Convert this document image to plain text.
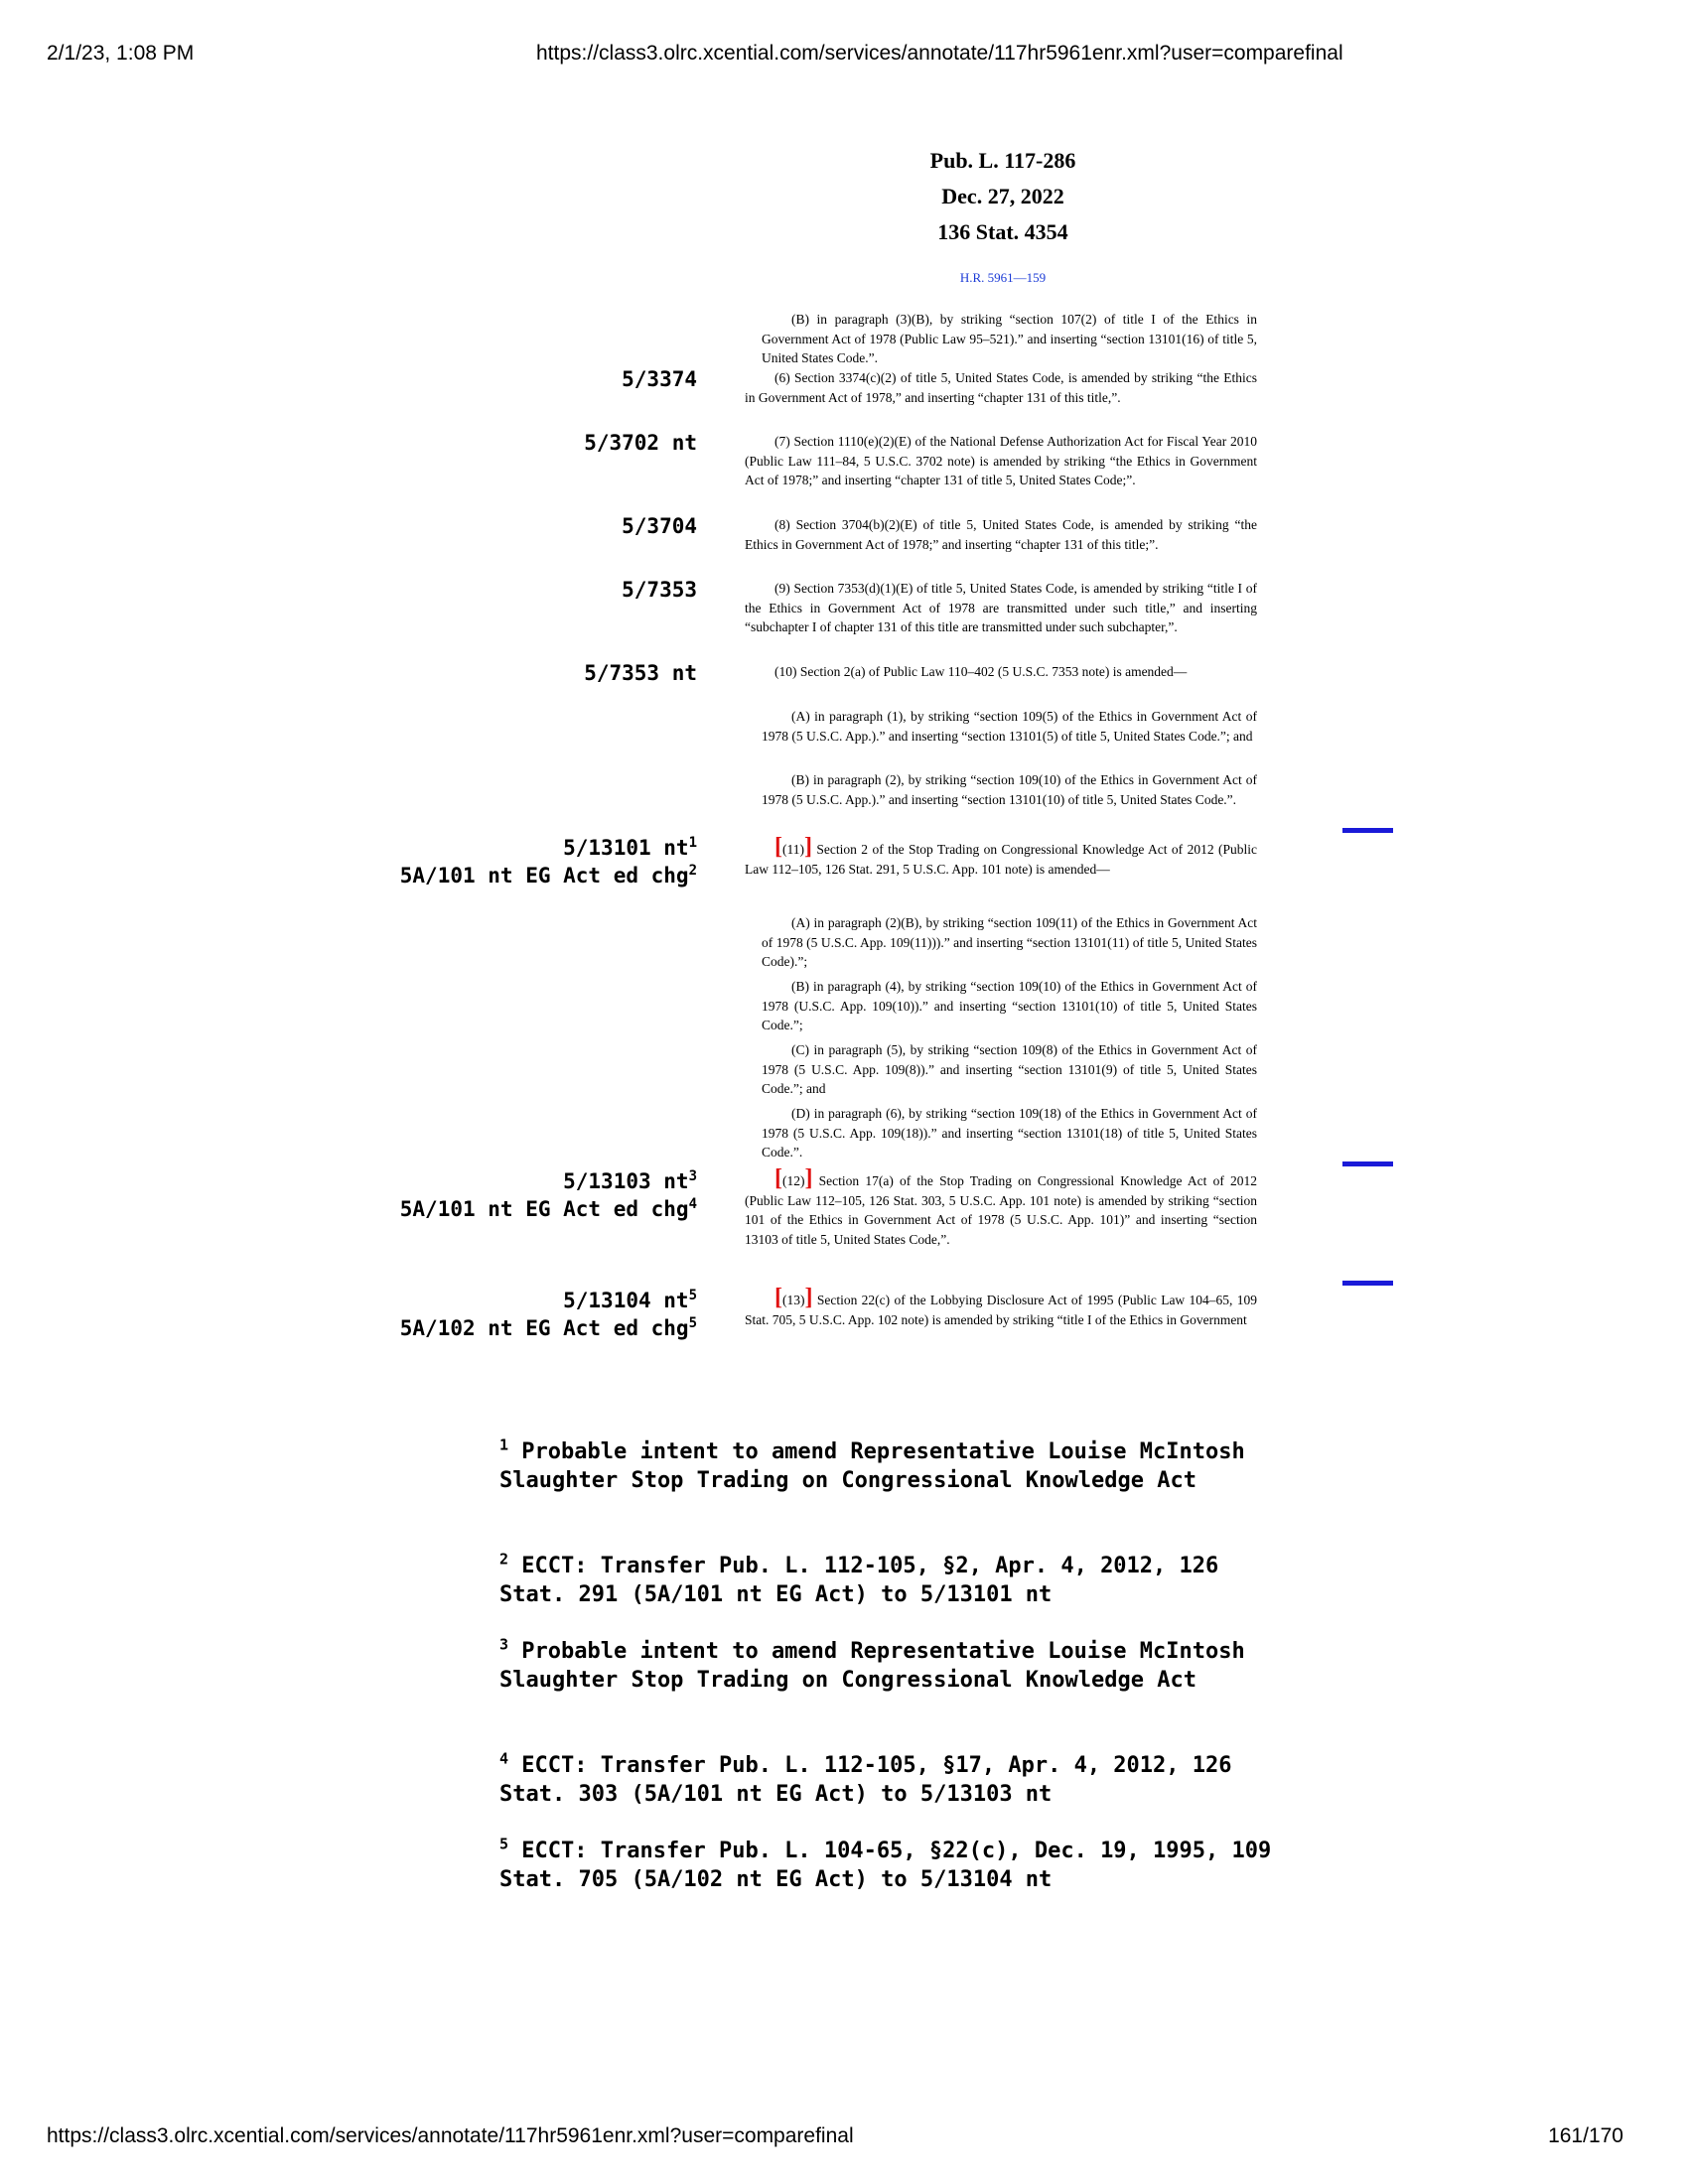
2/1/23, 1:08 PM	https://class3.olrc.xcential.com/services/annotate/117hr5961enr.xml?user=comparefinal
https://class3.olrc.xcential.com/services/annotate/117hr5961enr.xml?user=comparefinal	161/170
Pub. L. 117-286
Dec. 27, 2022
136 Stat. 4354
H.R. 5961—159
5/3374
5/3702 nt
5/3704
5/7353
5/7353 nt
5/13101 $nt^1$
5A/101 nt EG Act ed chg$^2$
5/13103 $nt^3$
5A/101 nt EG Act ed chg$^4$
5/13104 $nt^5$
5A/102 nt EG Act ed chg$^5$
(B) in paragraph (3)(B), by striking “section 107(2) of title I of the Ethics in Government Act of 1978 (Public Law 95–521).” and inserting “section 13101(16) of title 5, United States Code.”.
(6) Section 3374(c)(2) of title 5, United States Code, is amended by striking “the Ethics in Government Act of 1978,” and inserting “chapter 131 of this title,”.
(7) Section 1110(e)(2)(E) of the National Defense Authorization Act for Fiscal Year 2010 (Public Law 111–84, 5 U.S.C. 3702 note) is amended by striking “the Ethics in Government Act of 1978;” and inserting “chapter 131 of title 5, United States Code;”.
(8) Section 3704(b)(2)(E) of title 5, United States Code, is amended by striking “the Ethics in Government Act of 1978;” and inserting “chapter 131 of this title;”.
(9) Section 7353(d)(1)(E) of title 5, United States Code, is amended by striking “title I of the Ethics in Government Act of 1978 are transmitted under such title,” and inserting “subchapter I of chapter 131 of this title are transmitted under such subchapter,”.
(10) Section 2(a) of Public Law 110–402 (5 U.S.C. 7353 note) is amended—
(A) in paragraph (1), by striking “section 109(5) of the Ethics in Government Act of 1978 (5 U.S.C. App.).” and inserting “section 13101(5) of title 5, United States Code.”; and
(B) in paragraph (2), by striking “section 109(10) of the Ethics in Government Act of 1978 (5 U.S.C. App.).” and inserting “section 13101(10) of title 5, United States Code.”.
[(11)] Section 2 of the Stop Trading on Congressional Knowledge Act of 2012 (Public Law 112–105, 126 Stat. 291, 5 U.S.C. App. 101 note) is amended—
(A) in paragraph (2)(B), by striking “section 109(11) of the Ethics in Government Act of 1978 (5 U.S.C. App. 109(11))).” and inserting “section 13101(11) of title 5, United States Code).”;
(B) in paragraph (4), by striking “section 109(10) of the Ethics in Government Act of 1978 (U.S.C. App. 109(10)).” and inserting “section 13101(10) of title 5, United States Code.”;
(C) in paragraph (5), by striking “section 109(8) of the Ethics in Government Act of 1978 (5 U.S.C. App. 109(8)).” and inserting “section 13101(9) of title 5, United States Code.”; and
(D) in paragraph (6), by striking “section 109(18) of the Ethics in Government Act of 1978 (5 U.S.C. App. 109(18)).” and inserting “section 13101(18) of title 5, United States Code.”.
[(12)] Section 17(a) of the Stop Trading on Congressional Knowledge Act of 2012 (Public Law 112–105, 126 Stat. 303, 5 U.S.C. App. 101 note) is amended by striking “section 101 of the Ethics in Government Act of 1978 (5 U.S.C. App. 101)” and inserting “section 13103 of title 5, United States Code,”.
[(13)] Section 22(c) of the Lobbying Disclosure Act of 1995 (Public Law 104–65, 109 Stat. 705, 5 U.S.C. App. 102 note) is amended by striking “title I of the Ethics in Government
$^1$ Probable intent to amend Representative Louise McIntosh Slaughter Stop Trading on Congressional Knowledge Act
$^2$ ECCT: Transfer Pub. L. 112-105, §2, Apr. 4, 2012, 126 Stat. 291 (5A/101 nt EG Act) to 5/13101 nt
$^3$ Probable intent to amend Representative Louise McIntosh Slaughter Stop Trading on Congressional Knowledge Act
$^4$ ECCT: Transfer Pub. L. 112-105, §17, Apr. 4, 2012, 126 Stat. 303 (5A/101 nt EG Act) to 5/13103 nt
$^5$ ECCT: Transfer Pub. L. 104-65, §22(c), Dec. 19, 1995, 109 Stat. 705 (5A/102 nt EG Act) to 5/13104 nt
